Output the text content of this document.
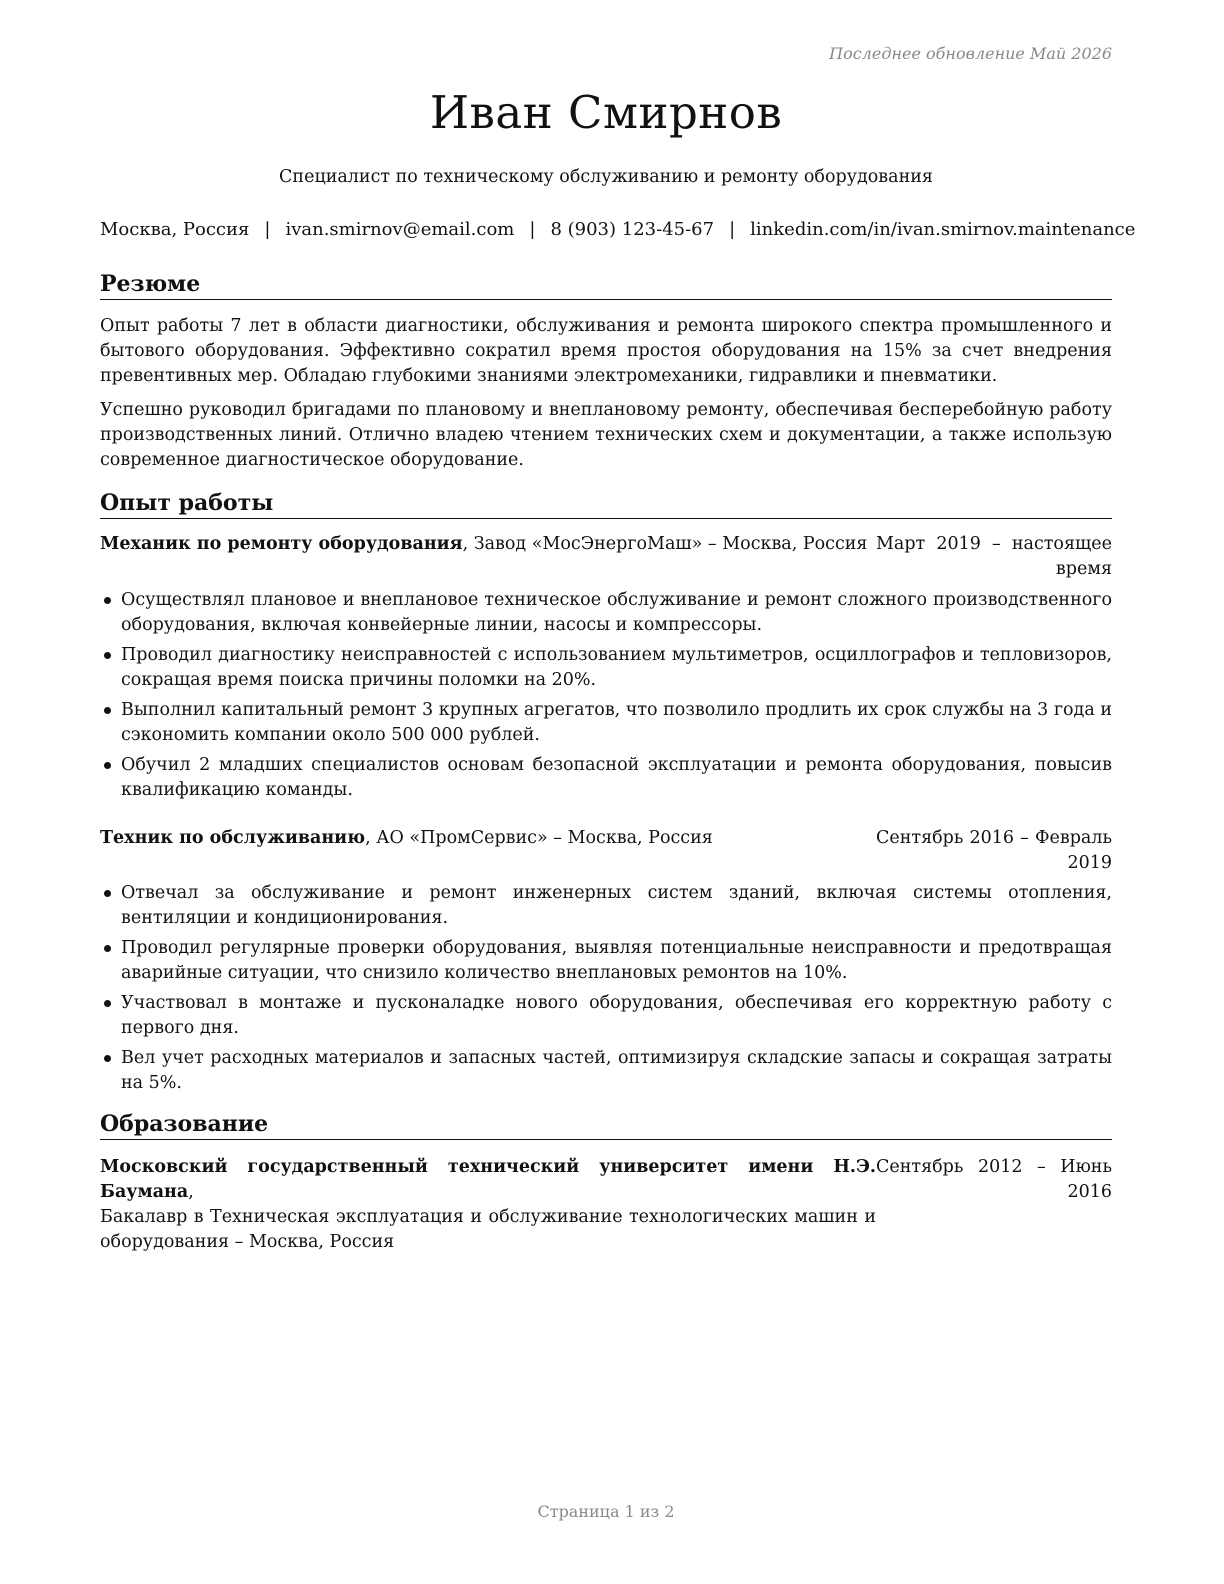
Последнее обновление Май 2026
Иван Смирнов
Специалист по техническому обслуживанию и ремонту оборудования
Москва, Россия | ivan.smirnov@email.com | 8 (903) 123-45-67 | linkedin.com/in/ivan.smirnov.maintenance
Резюме

Опыт работы 7 лет в области диагностики, обслуживания и ремонта широкого спектра промышленного и бытового оборудования. Эффективно сократил время простоя оборудования на 15% за счет внедрения превентивных мер. Обладаю глубокими знаниями электромеханики, гидравлики и пневматики.

Успешно руководил бригадами по плановому и внеплановому ремонту, обеспечивая бесперебойную работу производственных линий. Отлично владею чтением технических схем и документации, а также использую современное диагностическое оборудование.

Опыт работы
Механик по ремонту оборудования, Завод «МосЭнергоМаш» – Москва, Россия Март 2019 – настоящее время
Осуществлял плановое и внеплановое техническое обслуживание и ремонт сложного производственного оборудования, включая конвейерные линии, насосы и компрессоры.
Проводил диагностику неисправностей с использованием мультиметров, осциллографов и тепловизоров, сокращая время поиска причины поломки на 20%.
Выполнил капитальный ремонт 3 крупных агрегатов, что позволило продлить их срок службы на 3 года и сэкономить компании около 500 000 рублей.
Обучил 2 младших специалистов основам безопасной эксплуатации и ремонта оборудования, повысив квалификацию команды.
Техник по обслуживанию, АО «ПромСервис» – Москва, Россия	Сентябрь 2016 – Февраль 2019
Отвечал за обслуживание и ремонт инженерных систем зданий, включая системы отопления, вентиляции и кондиционирования.
Проводил регулярные проверки оборудования, выявляя потенциальные неисправности и предотвращая аварийные ситуации, что снизило количество внеплановых ремонтов на 10%.
Участвовал в монтаже и пусконаладке нового оборудования, обеспечивая его корректную работу с первого дня.
Вел учет расходных материалов и запасных частей, оптимизируя складские запасы и сокращая затраты на 5%.
Образование
Московский государственный технический университет имени Н.Э. Баумана,
Бакалавр в Техническая эксплуатация и обслуживание технологических машин и оборудования – Москва, Россия
Сентябрь 2012 – Июнь 2016
Страница 1 из 2
